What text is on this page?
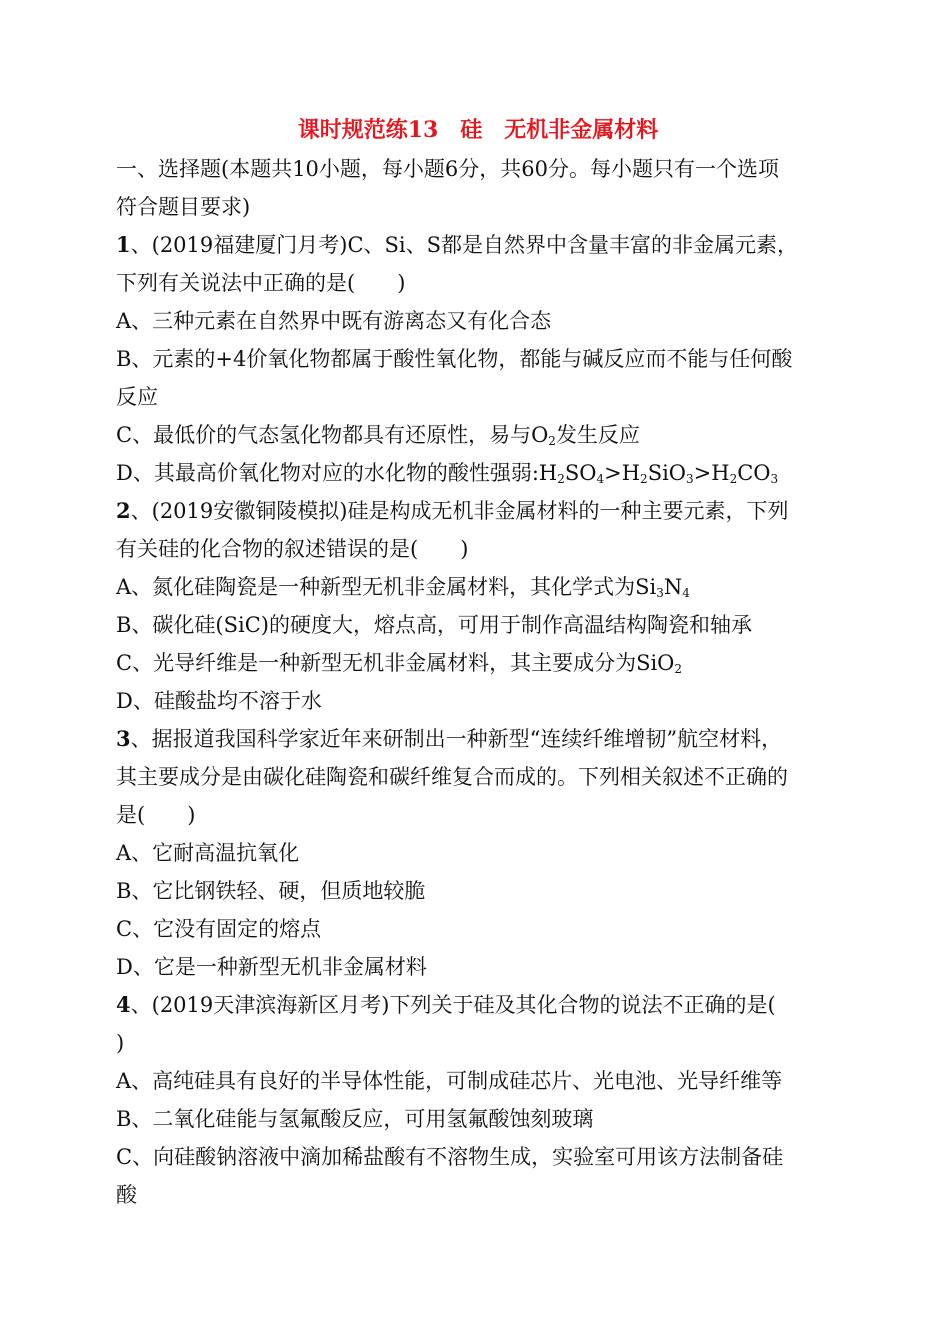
课时规范练13　硅　无机非金属材料
一、选择题(本题共10小题，每小题6分，共60分。每小题只有一个选项
符合题目要求)
1、(2019福建厦门月考)C、Si、S都是自然界中含量丰富的非金属元素，
下列有关说法中正确的是(　　)
A、三种元素在自然界中既有游离态又有化合态
B、元素的+4价氧化物都属于酸性氧化物，都能与碱反应而不能与任何酸
反应
C、最低价的气态氢化物都具有还原性，易与$O_2$发生反应
D、其最高价氧化物对应的水化物的酸性强弱$:H_2SO_4>H_2SiO_3>H_2CO_3$
2、(2019安徽铜陵模拟)硅是构成无机非金属材料的一种主要元素，下列
有关硅的化合物的叙述错误的是(　　)
A、氮化硅陶瓷是一种新型无机非金属材料，其化学式为$Si_3N_4$
B、碳化硅(SiC)的硬度大，熔点高，可用于制作高温结构陶瓷和轴承
C、光导纤维是一种新型无机非金属材料，其主要成分为SiO$_2$
D、硅酸盐均不溶于水
3、据报道我国科学家近年来研制出一种新型“连续纤维增韧”航空材料，
其主要成分是由碳化硅陶瓷和碳纤维复合而成的。下列相关叙述不正确的
是(　　)
A、它耐高温抗氧化
B、它比钢铁轻、硬，但质地较脆
C、它没有固定的熔点
D、它是一种新型无机非金属材料
4、(2019天津滨海新区月考)下列关于硅及其化合物的说法不正确的是(
)
A、高纯硅具有良好的半导体性能，可制成硅芯片、光电池、光导纤维等
B、二氧化硅能与氢氟酸反应，可用氢氟酸蚀刻玻璃
C、向硅酸钠溶液中滴加稀盐酸有不溶物生成，实验室可用该方法制备硅
酸
